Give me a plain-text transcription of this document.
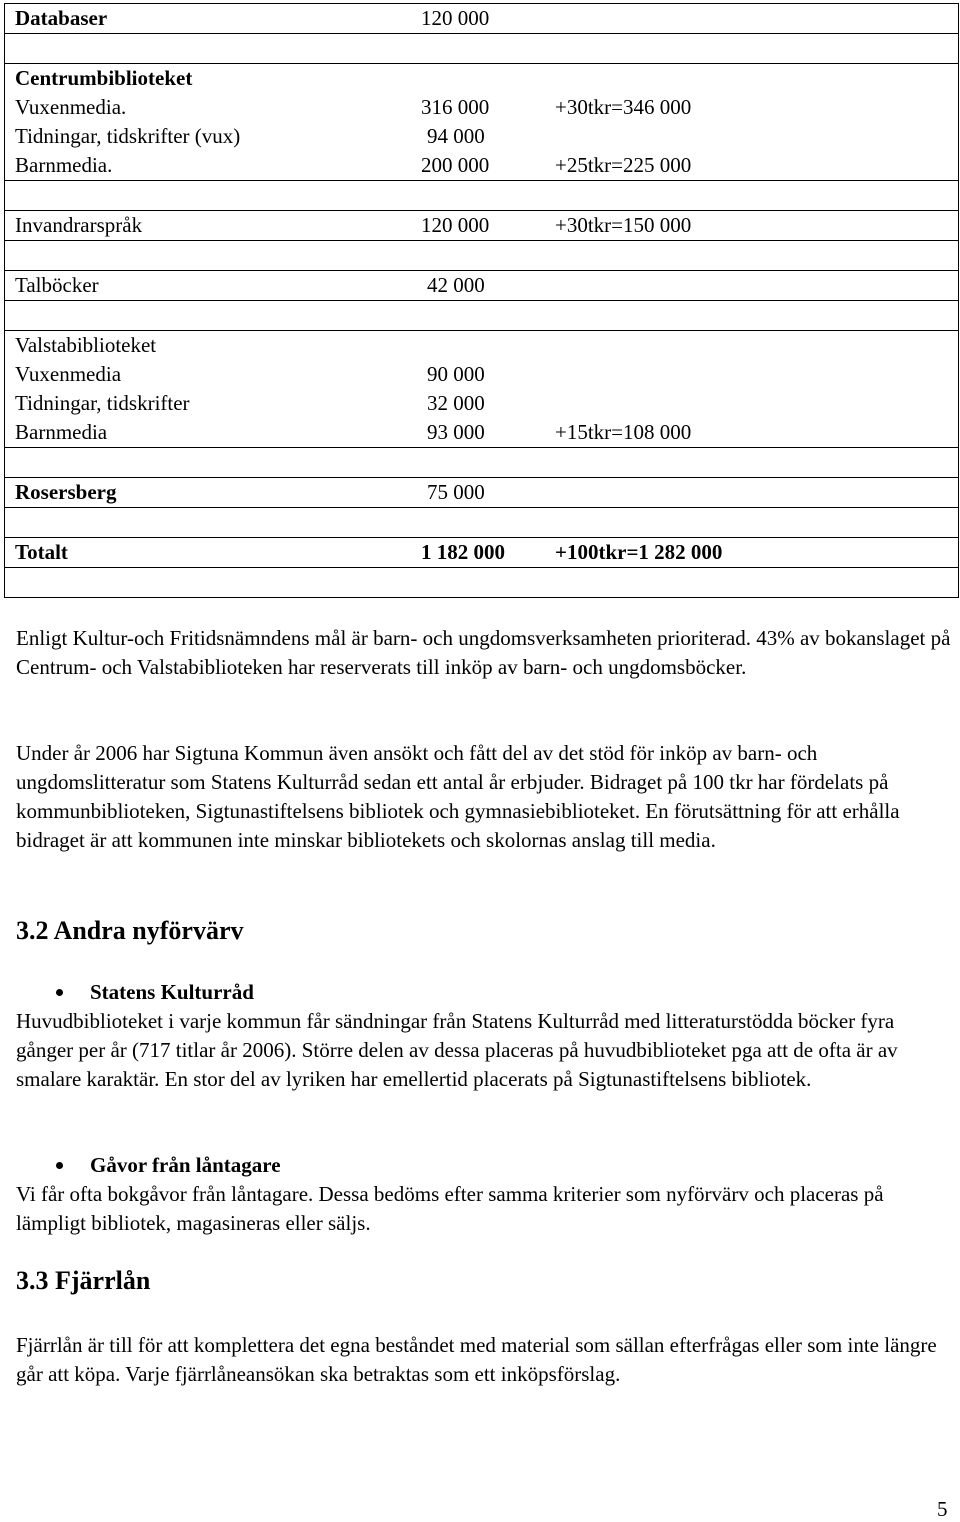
Databaser	120 000

Centrumbiblioteket
Vuxenmedia.	316 000	+30tkr=346 000
Tidningar, tidskrifter (vux)	94 000
Barnmedia.	200 000	+25tkr=225 000

Invandrarspråk	120 000	+30tkr=150 000

Talböcker	42 000

Valstabiblioteket
Vuxenmedia	90 000
Tidningar, tidskrifter	32 000
Barnmedia	93 000	+15tkr=108 000

Rosersberg	75 000

Totalt	1 182 000 +100tkr=1 282 000

Enligt Kultur-och Fritidsnämndens mål är barn- och ungdomsverksamheten prioriterad. 43% av bokanslaget på Centrum- och Valstabiblioteken har reserverats till inköp av barn- och ungdomsböcker.

Under år 2006 har Sigtuna Kommun även ansökt och fått del av det stöd för inköp av barn- och ungdomslitteratur som Statens Kulturråd sedan ett antal år erbjuder. Bidraget på 100 tkr har fördelats på kommunbiblioteken, Sigtunastiftelsens bibliotek och gymnasiebiblioteket. En förutsättning för att erhålla bidraget är att kommunen inte minskar bibliotekets och skolornas anslag till media.

3.2 Andra nyförvärv
Statens Kulturråd

Huvudbiblioteket i varje kommun får sändningar från Statens Kulturråd med litteraturstödda böcker fyra gånger per år (717 titlar år 2006). Större delen av dessa placeras på huvudbiblioteket pga att de ofta är av smalare karaktär. En stor del av lyriken har emellertid placerats på Sigtunastiftelsens bibliotek.

Gåvor från låntagare

Vi får ofta bokgåvor från låntagare. Dessa bedöms efter samma kriterier som nyförvärv och placeras på lämpligt bibliotek, magasineras eller säljs.

3.3 Fjärrlån

Fjärrlån är till för att komplettera det egna beståndet med material som sällan efterfrågas eller som inte längre går att köpa. Varje fjärrlåneansökan ska betraktas som ett inköpsförslag.

5
